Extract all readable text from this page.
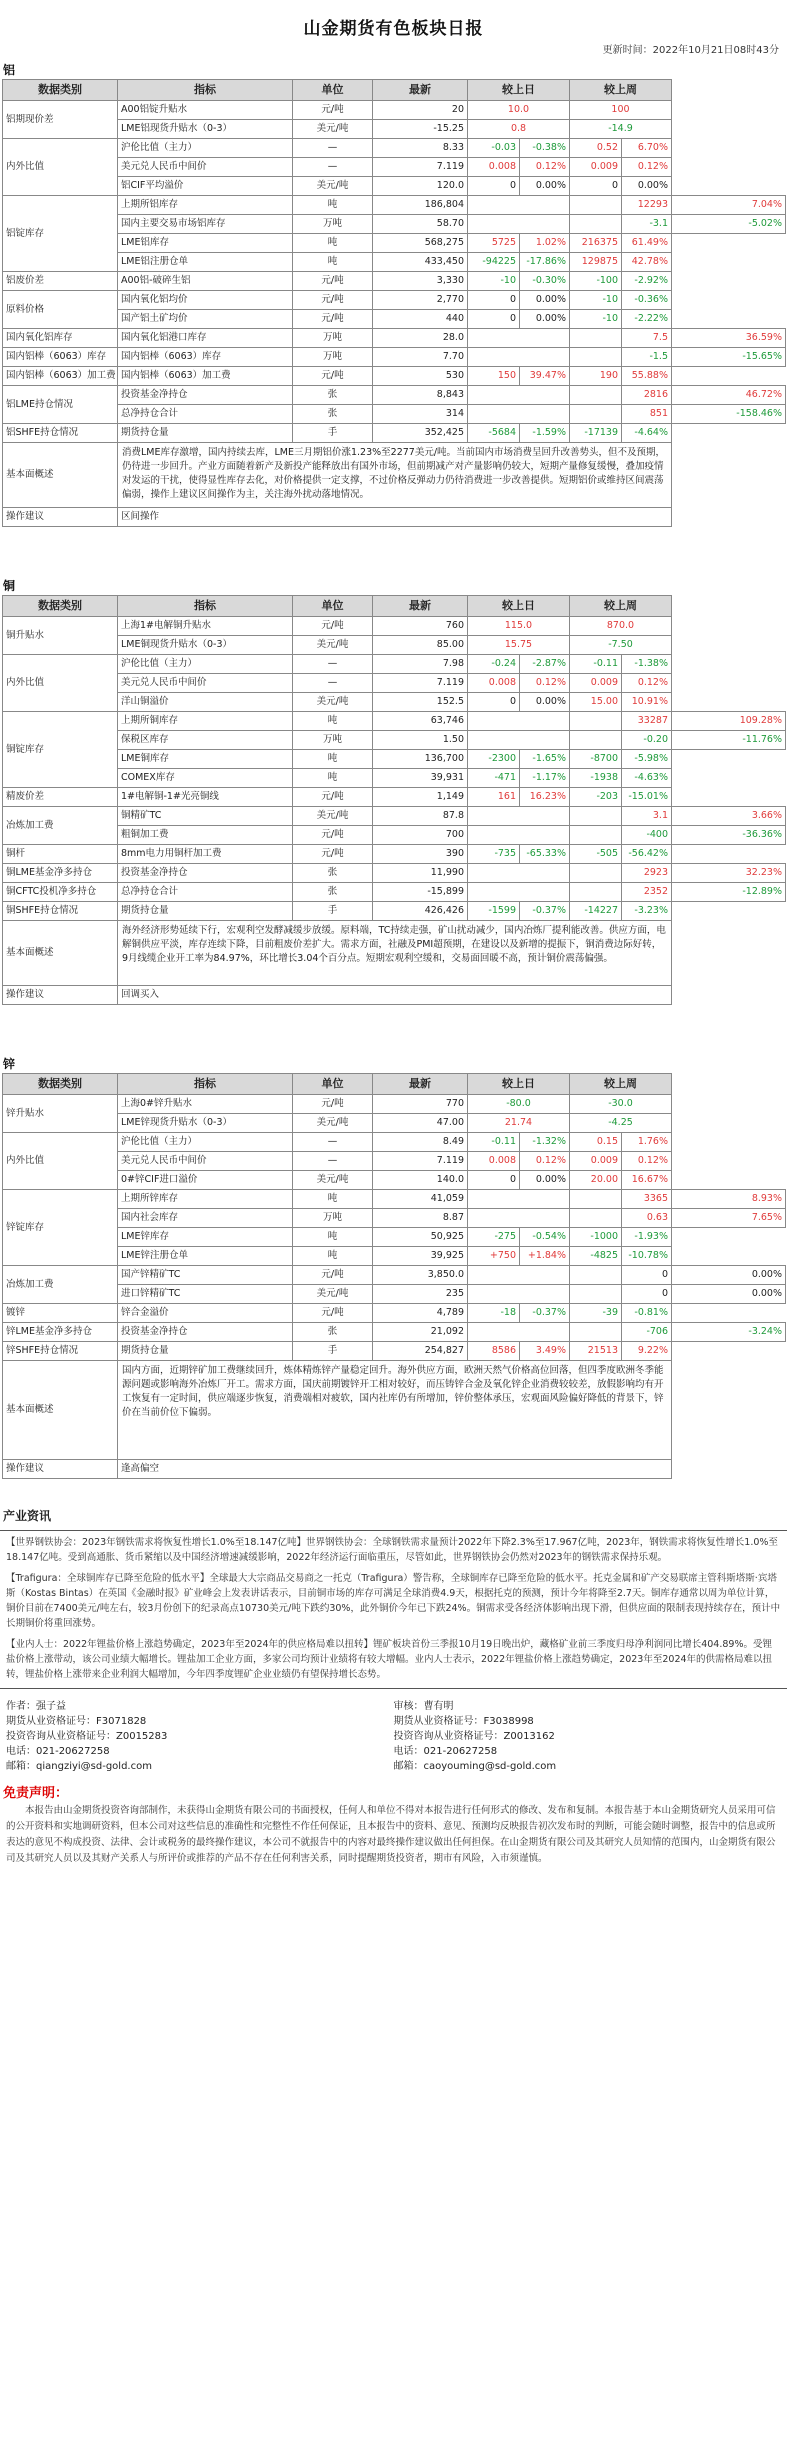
山金期货有色板块日报
更新时间：2022年10月21日08时43分
铝
数据类别	指标	单位	最新	较上日		较上周		
铝期现价差	A00铝锭升贴水	元/吨	20	10.0		100		
	LME铝现货升贴水（0-3）	美元/吨	-15.25	0.8		-14.9		
内外比值	沪伦比值（主力）	—	8.33	-0.03	-0.38%	0.52	6.70%	
	美元兑人民币中间价	—	7.119	0.008	0.12%	0.009	0.12%	
	铝CIF平均溢价	美元/吨	120.0	0	0.00%	0	0.00%	
铝锭库存	上期所铝库存	吨	186,804				12293	7.04%
	国内主要交易市场铝库存	万吨	58.70				-3.1	-5.02%
	LME铝库存	吨	568,275	5725	1.02%	216375	61.49%	
	LME铝注册仓单	吨	433,450	-94225	-17.86%	129875	42.78%	
铝废价差	A00铝-破碎生铝	元/吨	3,330	-10	-0.30%	-100	-2.92%	
原料价格	国内氧化铝均价	元/吨	2,770	0	0.00%	-10	-0.36%	
	国产铝土矿均价	元/吨	440	0	0.00%	-10	-2.22%	
国内氧化铝库存	国内氧化铝港口库存	万吨	28.0				7.5	36.59%
国内铝棒（6063）库存	国内铝棒（6063）库存	万吨	7.70				-1.5	-15.65%
国内铝棒（6063）加工费	国内铝棒（6063）加工费	元/吨	530	150	39.47%	190	55.88%	
铝LME持仓情况	投资基金净持仓	张	8,843				2816	46.72%
	总净持仓合计	张	314				851	-158.46%
铝SHFE持仓情况	期货持仓量	手	352,425	-5684	-1.59%	-17139	-4.64%	
基本面概述	消费LME库存激增，国内持续去库，LME三月期铝价涨1.23%至2277美元/吨。当前国内市场消费呈回升改善势头，但不及预期，仍待进一步回升。产业方面随着新产及新投产能释放出有国外市场，但前期减产对产量影响仍较大，短期产量修复缓慢，叠加疫情对发运的干扰，使得显性库存去化，对价格提供一定支撑，不过价格反弹动力仍待消费进一步改善提供。短期铝价或维持区间震荡偏弱，操作上建议区间操作为主，关注海外扰动落地情况。							
操作建议	区间操作							
铜
数据类别	指标	单位	最新	较上日		较上周		
铜升贴水	上海1#电解铜升贴水	元/吨	760	115.0		870.0		
	LME铜现货升贴水（0-3）	美元/吨	85.00	15.75		-7.50		
内外比值	沪伦比值（主力）	—	7.98	-0.24	-2.87%	-0.11	-1.38%	
	美元兑人民币中间价	—	7.119	0.008	0.12%	0.009	0.12%	
	洋山铜溢价	美元/吨	152.5	0	0.00%	15.00	10.91%	
铜锭库存	上期所铜库存	吨	63,746				33287	109.28%
	保税区库存	万吨	1.50				-0.20	-11.76%
	LME铜库存	吨	136,700	-2300	-1.65%	-8700	-5.98%	
	COMEX库存	吨	39,931	-471	-1.17%	-1938	-4.63%	
精废价差	1#电解铜-1#光亮铜线	元/吨	1,149	161	16.23%	-203	-15.01%	
冶炼加工费	铜精矿TC	美元/吨	87.8				3.1	3.66%
	粗铜加工费	元/吨	700				-400	-36.36%
铜杆	8mm电力用铜杆加工费	元/吨	390	-735	-65.33%	-505	-56.42%	
铜LME基金净多持仓	投资基金净持仓	张	11,990				2923	32.23%
铜CFTC投机净多持仓	总净持仓合计	张	-15,899				2352	-12.89%
铜SHFE持仓情况	期货持仓量	手	426,426	-1599	-0.37%	-14227	-3.23%	
基本面概述	海外经济形势延续下行，宏观利空发酵减缓步放缓。原料端，TC持续走强，矿山扰动减少，国内冶炼厂提利能改善。供应方面，电解铜供应平淡，库存连续下降，目前粗废价差扩大。需求方面，社融及PMI超预期，在建设以及新增的提振下，铜消费边际好转，9月线缆企业开工率为84.97%，环比增长3.04个百分点。短期宏观利空缓和，交易面回暖不高，预计铜价震荡偏强。							
操作建议	回调买入							
锌
数据类别	指标	单位	最新	较上日		较上周		
锌升贴水	上海0#锌升贴水	元/吨	770	-80.0		-30.0		
	LME锌现货升贴水（0-3）	美元/吨	47.00	21.74		-4.25		
内外比值	沪伦比值（主力）	—	8.49	-0.11	-1.32%	0.15	1.76%	
	美元兑人民币中间价	—	7.119	0.008	0.12%	0.009	0.12%	
	0#锌CIF进口溢价	美元/吨	140.0	0	0.00%	20.00	16.67%	
锌锭库存	上期所锌库存	吨	41,059				3365	8.93%
	国内社会库存	万吨	8.87				0.63	7.65%
	LME锌库存	吨	50,925	-275	-0.54%	-1000	-1.93%	
	LME锌注册仓单	吨	39,925	+750	+1.84%	-4825	-10.78%	
冶炼加工费	国产锌精矿TC	元/吨	3,850.0				0	0.00%
	进口锌精矿TC	美元/吨	235				0	0.00%
镀锌	锌合金溢价	元/吨	4,789	-18	-0.37%	-39	-0.81%	
锌LME基金净多持仓	投资基金净持仓	张	21,092				-706	-3.24%
锌SHFE持仓情况	期货持仓量	手	254,827	8586	3.49%	21513	9.22%	
基本面概述	国内方面，近期锌矿加工费继续回升，炼体精炼锌产量稳定回升。海外供应方面，欧洲天然气价格高位回落，但四季度欧洲冬季能源问题或影响海外冶炼厂开工。需求方面，国庆前期镀锌开工相对较好，而压铸锌合金及氧化锌企业消费较较差，放假影响均有开工恢复有一定时间，供应端逐步恢复，消费端相对疲软，国内社库仍有所增加，锌价整体承压，宏观面风险偏好降低的背景下，锌价在当前价位下偏弱。							
操作建议	逢高偏空							
产业资讯

【世界钢铁协会：2023年钢铁需求将恢复性增长1.0%至18.147亿吨】世界钢铁协会：全球钢铁需求量预计2022年下降2.3%至17.967亿吨，2023年，钢铁需求将恢复性增长1.0%至18.147亿吨。受到高通胀、货币紧缩以及中国经济增速减缓影响，2022年经济运行面临重压，尽管如此，世界钢铁协会仍然对2023年的钢铁需求保持乐观。

【Trafigura：全球铜库存已降至危险的低水平】全球最大大宗商品交易商之一托克（Trafigura）警告称，全球铜库存已降至危险的低水平。托克金属和矿产交易联席主管科斯塔斯·宾塔斯（Kostas Bintas）在英国《金融时报》矿业峰会上发表讲话表示，目前铜市场的库存可满足全球消费4.9天，根据托克的预测，预计今年将降至2.7天。铜库存通常以周为单位计算，铜价目前在7400美元/吨左右，较3月份创下的纪录高点10730美元/吨下跌约30%，此外铜价今年已下跌24%。铜需求受各经济体影响出现下滑，但供应面的限制表现持续存在，预计中长期铜价将重回涨势。

【业内人士：2022年锂盐价格上涨趋势确定，2023年至2024年的供应格局难以扭转】锂矿板块首份三季报10月19日晚出炉，藏格矿业前三季度归母净利润同比增长404.89%。受锂盐价格上涨带动，该公司业绩大幅增长。锂盐加工企业方面，多家公司均预计业绩将有较大增幅。业内人士表示，2022年锂盐价格上涨趋势确定，2023年至2024年的供需格局难以扭转，锂盐价格上涨带来企业利润大幅增加，今年四季度锂矿企业业绩仍有望保持增长态势。

作者：强子益
期货从业资格证号：F3071828
投资咨询从业资格证号：Z0015283
电话：021-20627258
邮箱：qiangziyi@sd-gold.com
审核：曹有明
期货从业资格证号：F3038998
投资咨询从业资格证号：Z0013162
电话：021-20627258
邮箱：caoyouming@sd-gold.com
免责声明：
本报告由山金期货投资咨询部制作，未获得山金期货有限公司的书面授权，任何人和单位不得对本报告进行任何形式的修改、发布和复制。本报告基于本山金期货研究人员采用可信的公开资料和实地调研资料，但本公司对这些信息的准确性和完整性不作任何保证，且本报告中的资料、意见、预测均反映报告初次发布时的判断，可能会随时调整，报告中的信息或所表达的意见不构成投资、法律、会计或税务的最终操作建议，本公司不就报告中的内容对最终操作建议做出任何担保。在山金期货有限公司及其研究人员知情的范围内，山金期货有限公司及其研究人员以及其财产关系人与所评价或推荐的产品不存在任何利害关系，同时提醒期货投资者，期市有风险，入市须谨慎。
